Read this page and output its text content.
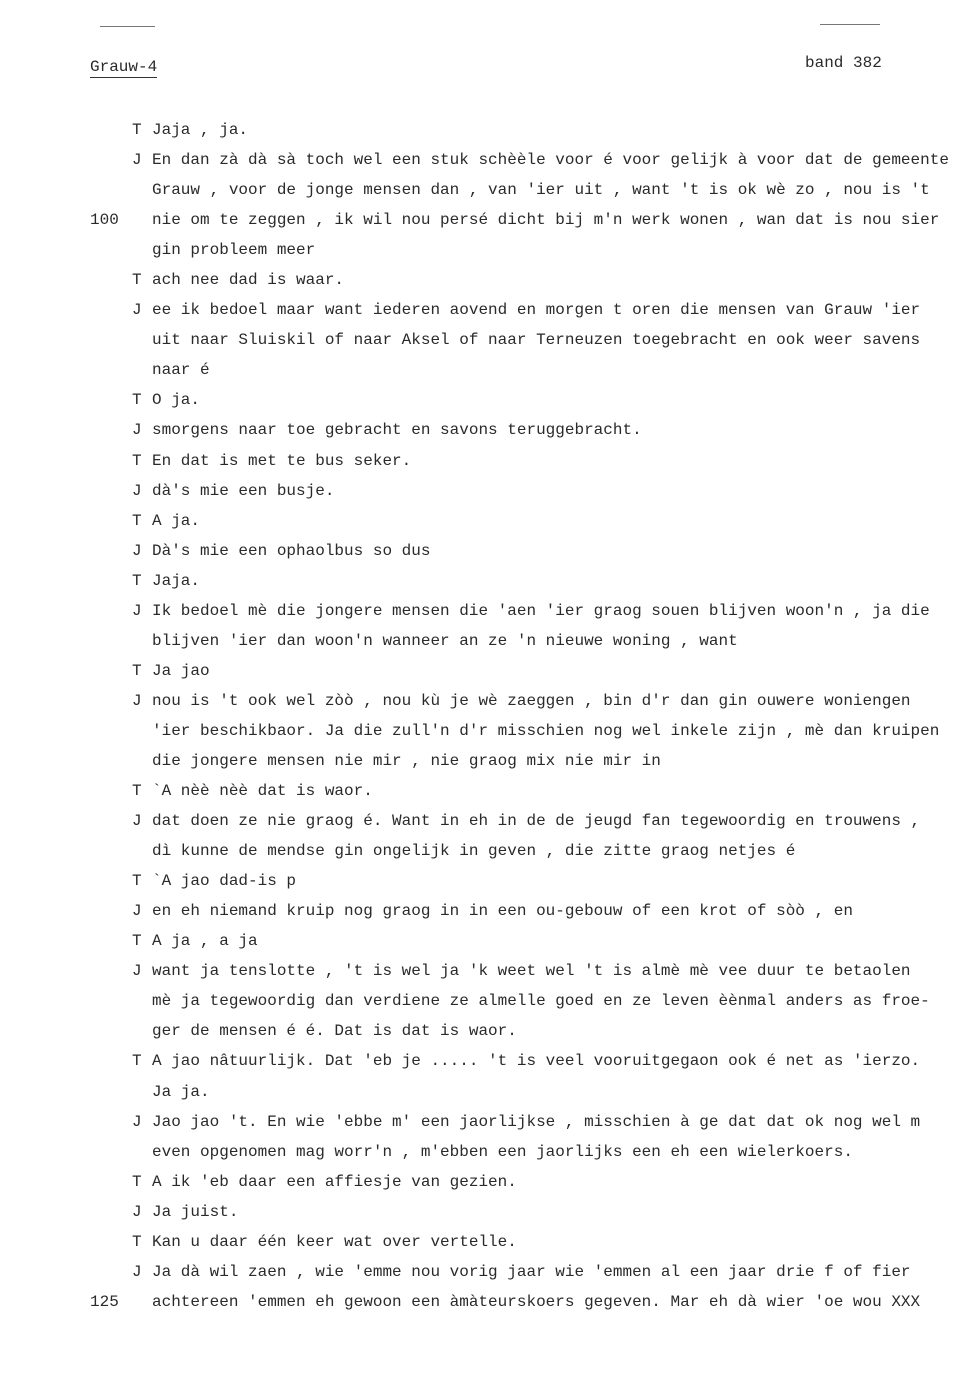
Grauw-4	band 382
T Jaja , ja.
J En dan zà dà sà toch wel een stuk schèèle voor é voor gelijk à voor dat de gemeente
Grauw , voor de jonge mensen dan , van 'ier uit , want 't is ok wè zo , nou is 't
100 nie om te zeggen , ik wil nou persé dicht bij m'n werk wonen , wan dat is nou sier
gin probleem meer
T ach nee dad is waar.
J ee ik bedoel maar want iederen aovend en morgen t oren die mensen van Grauw 'ier
uit naar Sluiskil of naar Aksel of naar Terneuzen toegebracht en ook weer savens
naar é
T O ja.
J smorgens naar toe gebracht en savons teruggebracht.
T En dat is met te bus seker.
J dà's mie een busje.
T A ja.
J Dà's mie een ophaolbus so dus
T Jaja.
J Ik bedoel mè die jongere mensen die 'aen 'ier graog souen blijven woon'n , ja die
blijven 'ier dan woon'n wanneer an ze 'n nieuwe woning , want
T Ja jao
J nou is 't ook wel zòò , nou kù je wè zaeggen , bin d'r dan gin ouwere woniengen
'ier beschikbaor. Ja die zull'n d'r misschien nog wel inkele zijn , mè dan kruipen
die jongere mensen nie mir , nie graog mix nie mir in
T `A nèè nèè dat is waor.
J dat doen ze nie graog é. Want in eh in de de jeugd fan tegewoordig en trouwens ,
dì kunne de mendse gin ongelijk in geven , die zitte graog netjes é
T `A jao dad-is p
J en eh niemand kruip nog graog in in een ou-gebouw of een krot of sòò , en
T A ja , a ja
J want ja tenslotte , 't is wel ja 'k weet wel 't is almè mè vee duur te betaolen
mè ja tegewoordig dan verdiene ze almelle goed en ze leven èènmal anders as froe-
ger de mensen é é. Dat is dat is waor.
T A jao nâtuurlijk. Dat 'eb je ..... 't is veel vooruitgegaon ook é net as 'ierzo.
Ja ja.
J Jao jao 't. En wie 'ebbe m' een jaorlijkse , misschien à ge dat dat ok nog wel m
even opgenomen mag worr'n , m'ebben een jaorlijks een eh een wielerkoers.
T A ik 'eb daar een affiesje van gezien.
J Ja juist.
T Kan u daar één keer wat over vertelle.
J Ja dà wil zaen , wie 'emme nou vorig jaar wie 'emmen al een jaar drie f of fier
125 achtereen 'emmen eh gewoon een àmàteurskoers gegeven. Mar eh dà wier 'oe wou XXX
